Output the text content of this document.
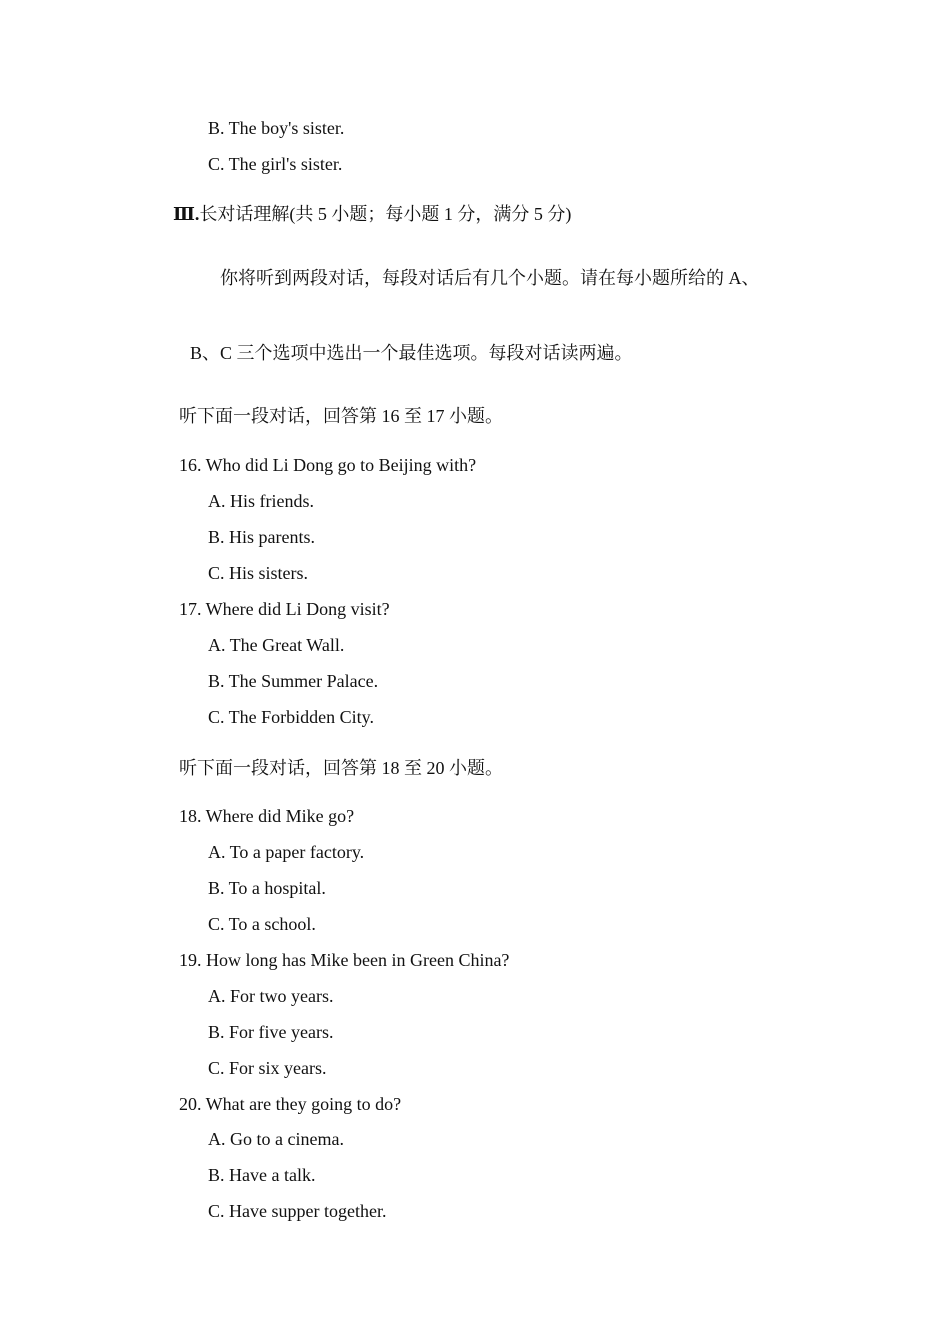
B. The boy's sister.
C. The girl's sister.
Ⅲ.长对话理解(共 5 小题；每小题 1 分，满分 5 分)
你将听到两段对话，每段对话后有几个小题。请在每小题所给的 A、
B、C 三个选项中选出一个最佳选项。每段对话读两遍。
听下面一段对话，回答第 16 至 17 小题。
16. Who did Li Dong go to Beijing with?
A. His friends.
B. His parents.
C. His sisters.
17. Where did Li Dong visit?
A. The Great Wall.
B. The Summer Palace.
C. The Forbidden City.
听下面一段对话，回答第 18 至 20 小题。
18. Where did Mike go?
A. To a paper factory.
B. To a hospital.
C. To a school.
19. How long has Mike been in Green China?
A. For two years.
B. For five years.
C. For six years.
20. What are they going to do?
A. Go to a cinema.
B. Have a talk.
C. Have supper together.
